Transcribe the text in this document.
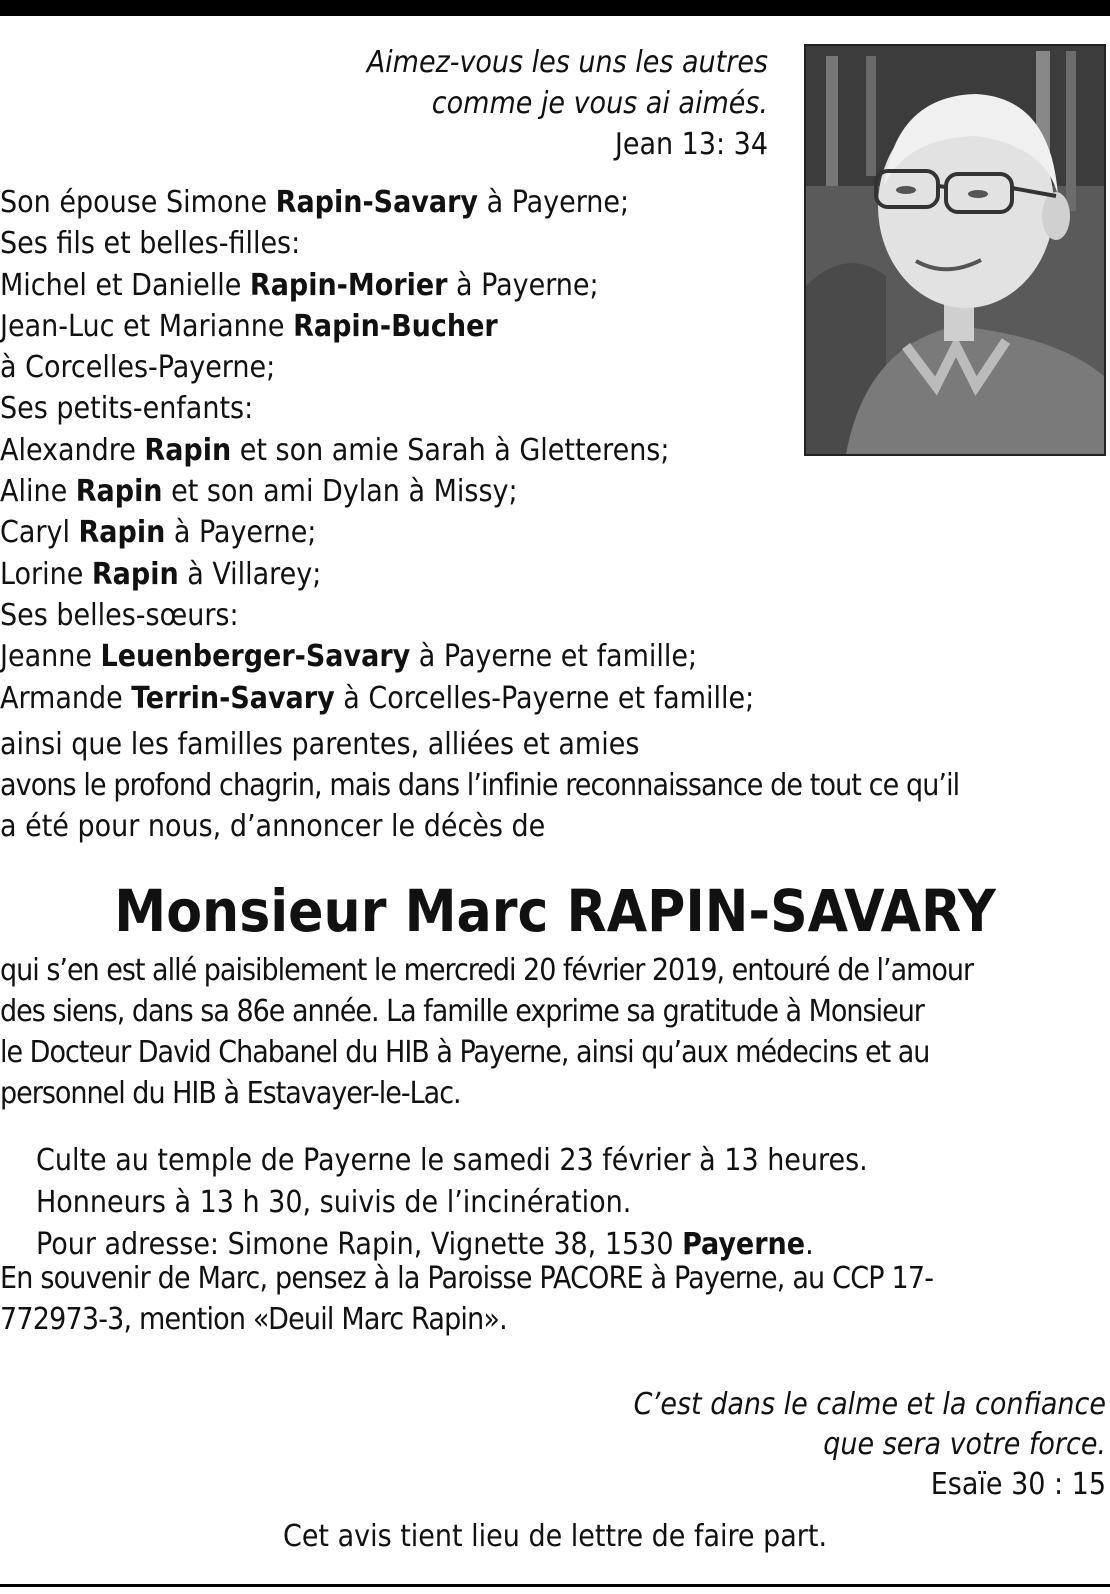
Aimez-vous les uns les autres
comme je vous ai aimés.
Jean 13: 34
Son épouse Simone Rapin-Savary à Payerne;
Ses fils et belles-filles:
Michel et Danielle Rapin-Morier à Payerne;
Jean-Luc et Marianne Rapin-Bucher
à Corcelles-Payerne;
Ses petits-enfants:
Alexandre Rapin et son amie Sarah à Gletterens;
Aline Rapin et son ami Dylan à Missy;
Caryl Rapin à Payerne;
Lorine Rapin à Villarey;
Ses belles-sœurs:
Jeanne Leuenberger-Savary à Payerne et famille;
Armande Terrin-Savary à Corcelles-Payerne et famille;
ainsi que les familles parentes, alliées et amies
avons le profond chagrin, mais dans l’infinie reconnaissance de tout ce qu’il
a été pour nous, d’annoncer le décès de
Monsieur Marc RAPIN-SAVARY
qui s’en est allé paisiblement le mercredi 20 février 2019, entouré de l’amour
des siens, dans sa 86e année. La famille exprime sa gratitude à Monsieur
le Docteur David Chabanel du HIB à Payerne, ainsi qu’aux médecins et au
personnel du HIB à Estavayer-le-Lac.
Culte au temple de Payerne le samedi 23 février à 13 heures.
Honneurs à 13 h 30, suivis de l’incinération.
Pour adresse: Simone Rapin, Vignette 38, 1530 Payerne.
En souvenir de Marc, pensez à la Paroisse PACORE à Payerne, au CCP 17-
772973-3, mention «Deuil Marc Rapin».
C’est dans le calme et la confiance
que sera votre force.
Esaïe 30 : 15
Cet avis tient lieu de lettre de faire part.
